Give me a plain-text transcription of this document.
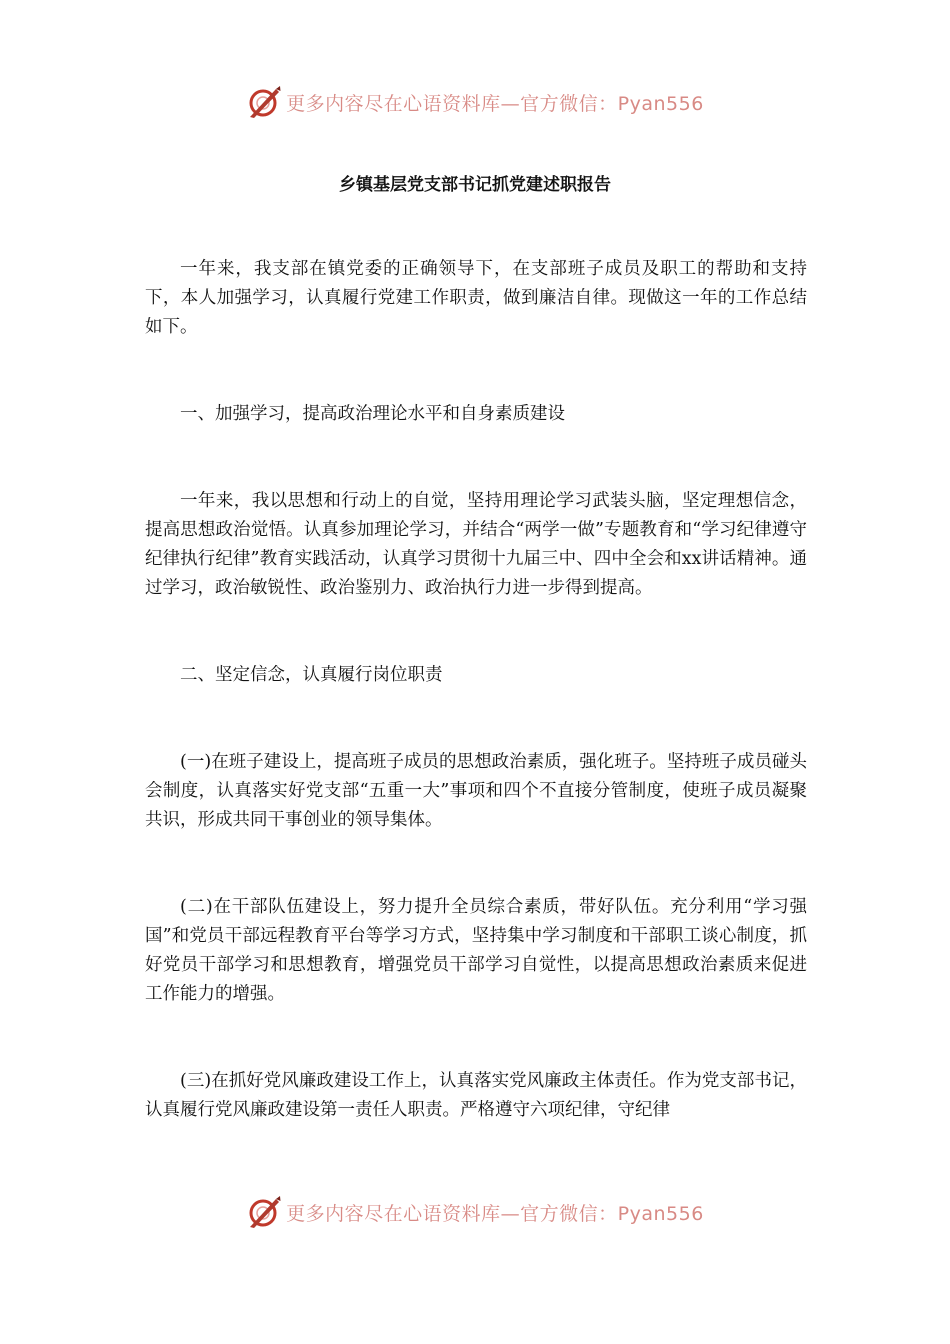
更多内容尽在心语资料库—官方微信：Pyan556
乡镇基层党支部书记抓党建述职报告

一年来，我支部在镇党委的正确领导下，在支部班子成员及职工的帮助和支持下，本人加强学习，认真履行党建工作职责，做到廉洁自律。现做这一年的工作总结如下。

一、加强学习，提高政治理论水平和自身素质建设

一年来，我以思想和行动上的自觉，坚持用理论学习武装头脑，坚定理想信念，提高思想政治觉悟。认真参加理论学习，并结合“两学一做”专题教育和“学习纪律遵守纪律执行纪律”教育实践活动，认真学习贯彻十九届三中、四中全会和xx讲话精神。通过学习，政治敏锐性、政治鉴别力、政治执行力进一步得到提高。

二、坚定信念，认真履行岗位职责

(一)在班子建设上，提高班子成员的思想政治素质，强化班子。坚持班子成员碰头会制度，认真落实好党支部“五重一大”事项和四个不直接分管制度，使班子成员凝聚共识，形成共同干事创业的领导集体。

(二)在干部队伍建设上，努力提升全员综合素质，带好队伍。充分利用“学习强国”和党员干部远程教育平台等学习方式，坚持集中学习制度和干部职工谈心制度，抓好党员干部学习和思想教育，增强党员干部学习自觉性，以提高思想政治素质来促进工作能力的增强。

(三)在抓好党风廉政建设工作上，认真落实党风廉政主体责任。作为党支部书记，认真履行党风廉政建设第一责任人职责。严格遵守六项纪律，守纪律

更多内容尽在心语资料库—官方微信：Pyan556
